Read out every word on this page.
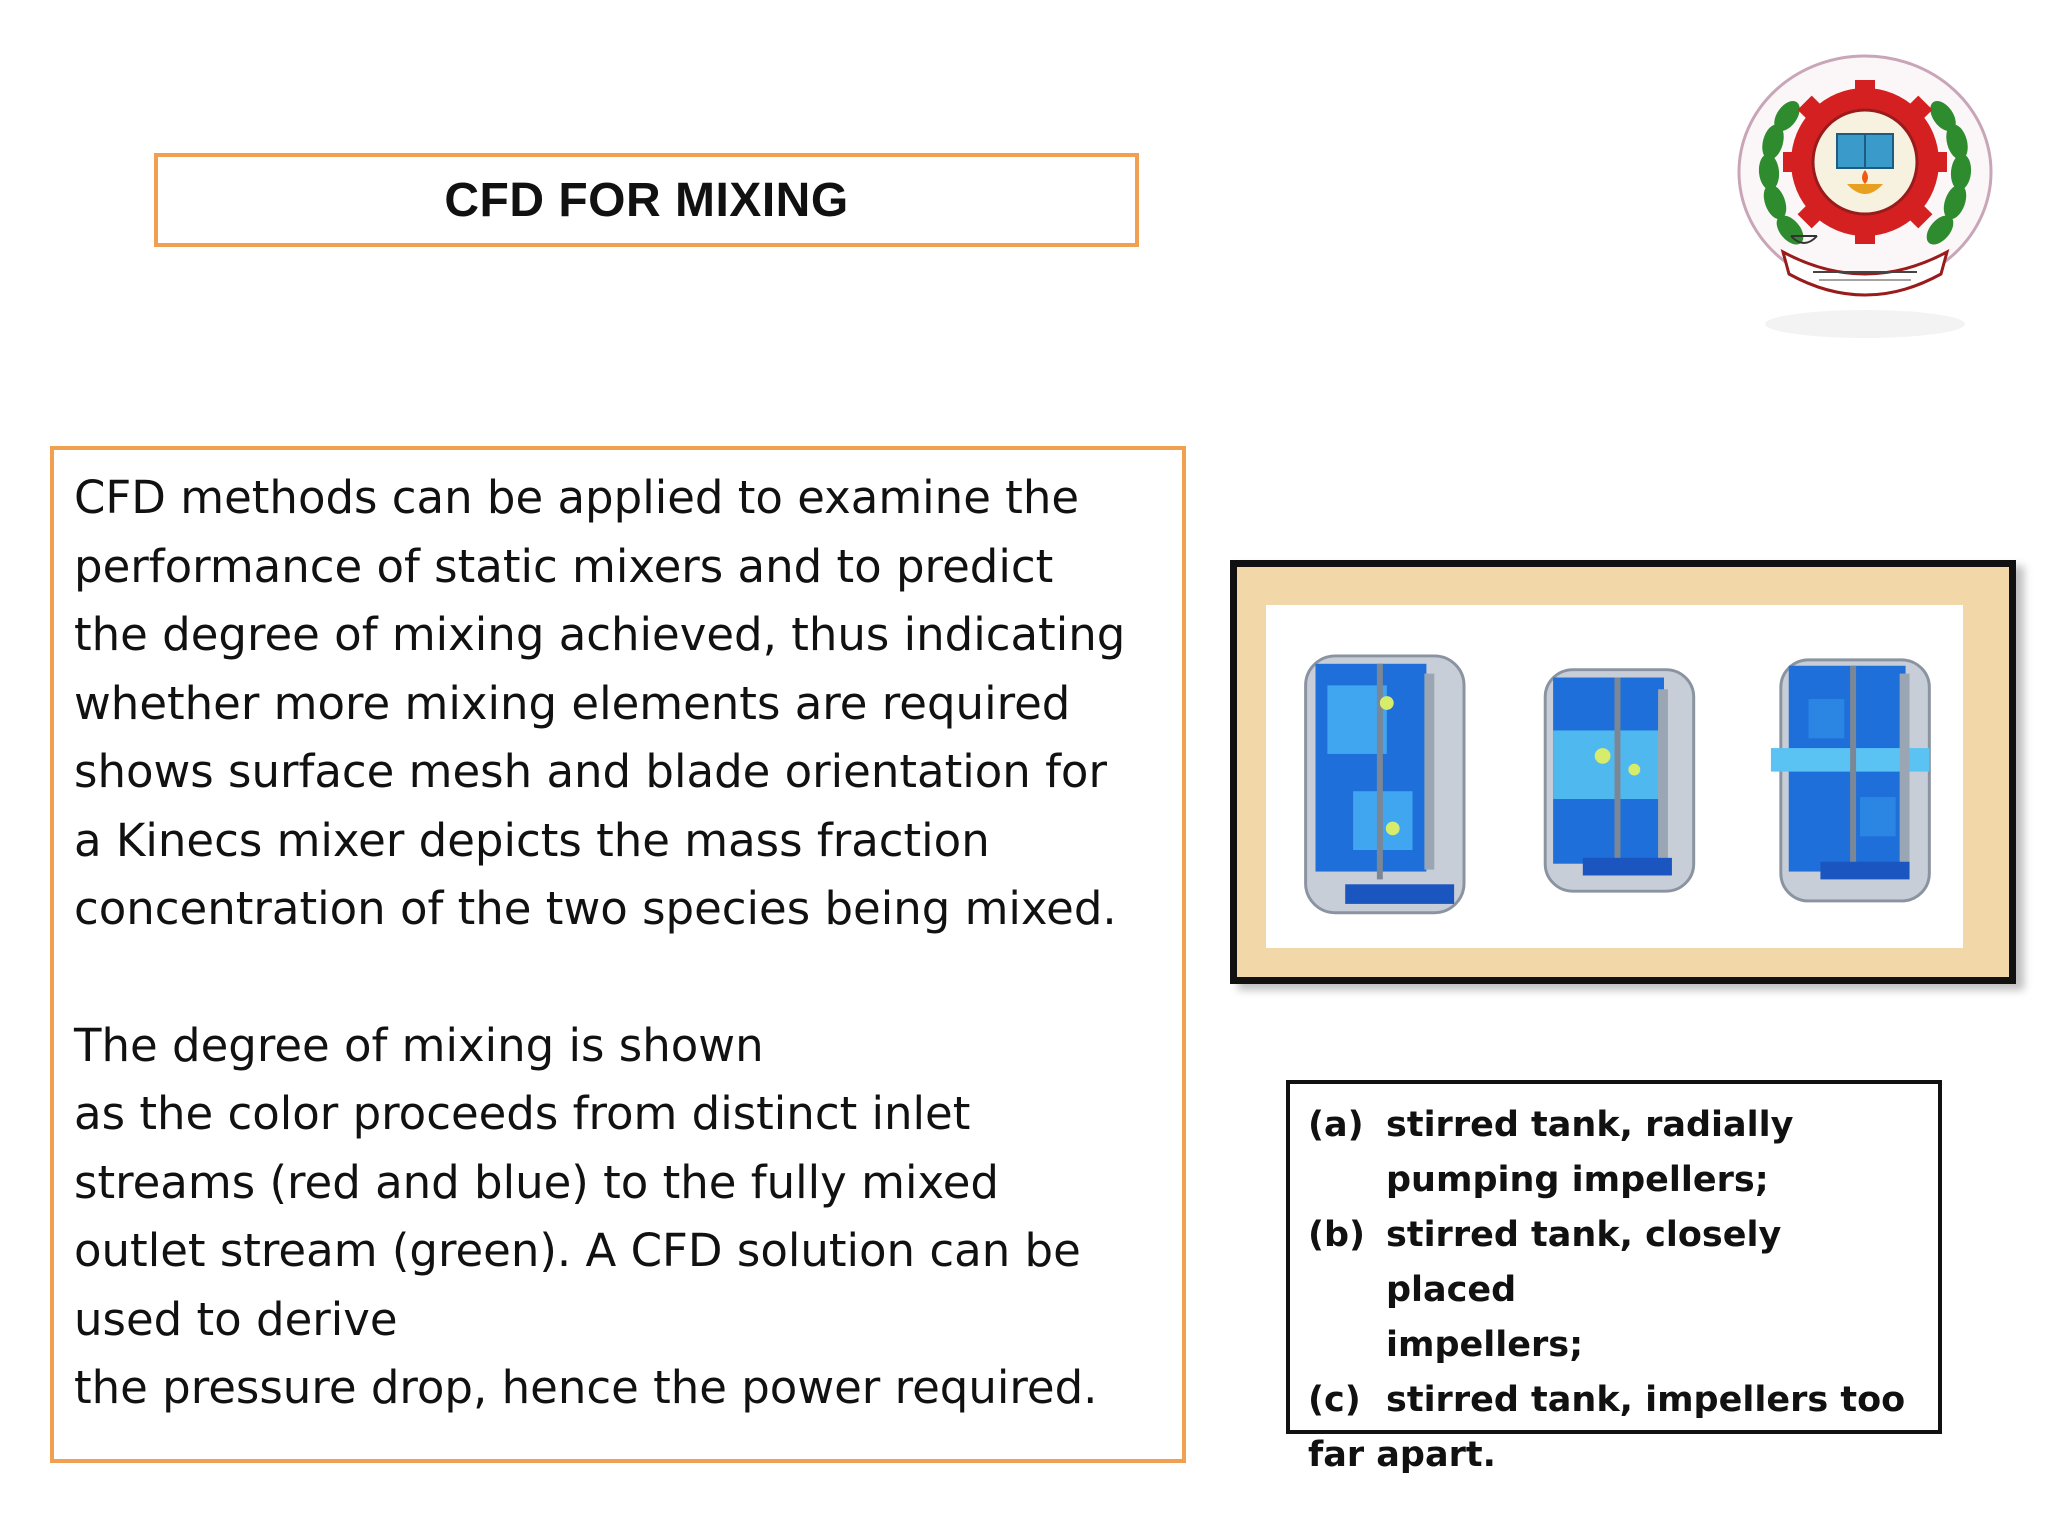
CFD FOR MIXING
CFD methods can be applied to examine the
performance of static mixers and to predict
the degree of mixing achieved, thus indicating
whether more mixing elements are required
shows surface mesh and blade orientation for
a Kinecs mixer depicts the mass fraction
concentration of the two species being mixed.
The degree of mixing is shown
as the color proceeds from distinct inlet
streams (red and blue) to the fully mixed
outlet stream (green). A CFD solution can be
used to derive
the pressure drop, hence the power required.
(a) stirred tank, radially
pumping impellers;
(b) stirred tank, closely placed
impellers;
(c) stirred tank, impellers too
far apart.
